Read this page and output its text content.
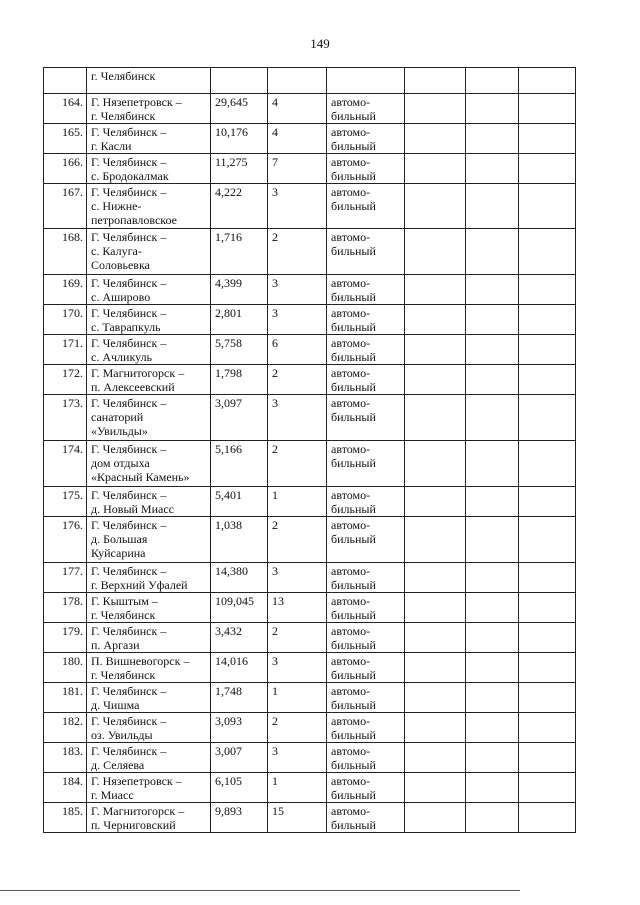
149
	г. Челябинск						
164.	Г. Нязепетровск –
г. Челябинск	29,645	4	автомо-
бильный			
165.	Г. Челябинск –
г. Касли	10,176	4	автомо-
бильный			
166.	Г. Челябинск –
с. Бродокалмак	11,275	7	автомо-
бильный			
167.	Г. Челябинск –
с. Нижне-
петропавловское	4,222	3	автомо-
бильный			
168.	Г. Челябинск –
с. Калуга-
Соловьевка	1,716	2	автомо-
бильный			
169.	Г. Челябинск –
с. Аширово	4,399	3	автомо-
бильный			
170.	Г. Челябинск –
с. Таврапкуль	2,801	3	автомо-
бильный			
171.	Г. Челябинск –
с. Ачликуль	5,758	6	автомо-
бильный			
172.	Г. Магнитогорск –
п. Алексеевский	1,798	2	автомо-
бильный			
173.	Г. Челябинск –
санаторий
«Увильды»	3,097	3	автомо-
бильный			
174.	Г. Челябинск –
дом отдыха
«Красный Камень»	5,166	2	автомо-
бильный			
175.	Г. Челябинск –
д. Новый Миасс	5,401	1	автомо-
бильный			
176.	Г. Челябинск –
д. Большая
Куйсарина	1,038	2	автомо-
бильный			
177.	Г. Челябинск –
г. Верхний Уфалей	14,380	3	автомо-
бильный			
178.	Г. Кыштым –
г. Челябинск	109,045	13	автомо-
бильный			
179.	Г. Челябинск –
п. Аргази	3,432	2	автомо-
бильный			
180.	П. Вишневогорск –
г. Челябинск	14,016	3	автомо-
бильный			
181.	Г. Челябинск –
д. Чишма	1,748	1	автомо-
бильный			
182.	Г. Челябинск –
оз. Увильды	3,093	2	автомо-
бильный			
183.	Г. Челябинск –
д. Селяева	3,007	3	автомо-
бильный			
184.	Г. Нязепетровск –
г. Миасс	6,105	1	автомо-
бильный			
185.	Г. Магнитогорск –
п. Черниговский	9,893	15	автомо-
бильный			
